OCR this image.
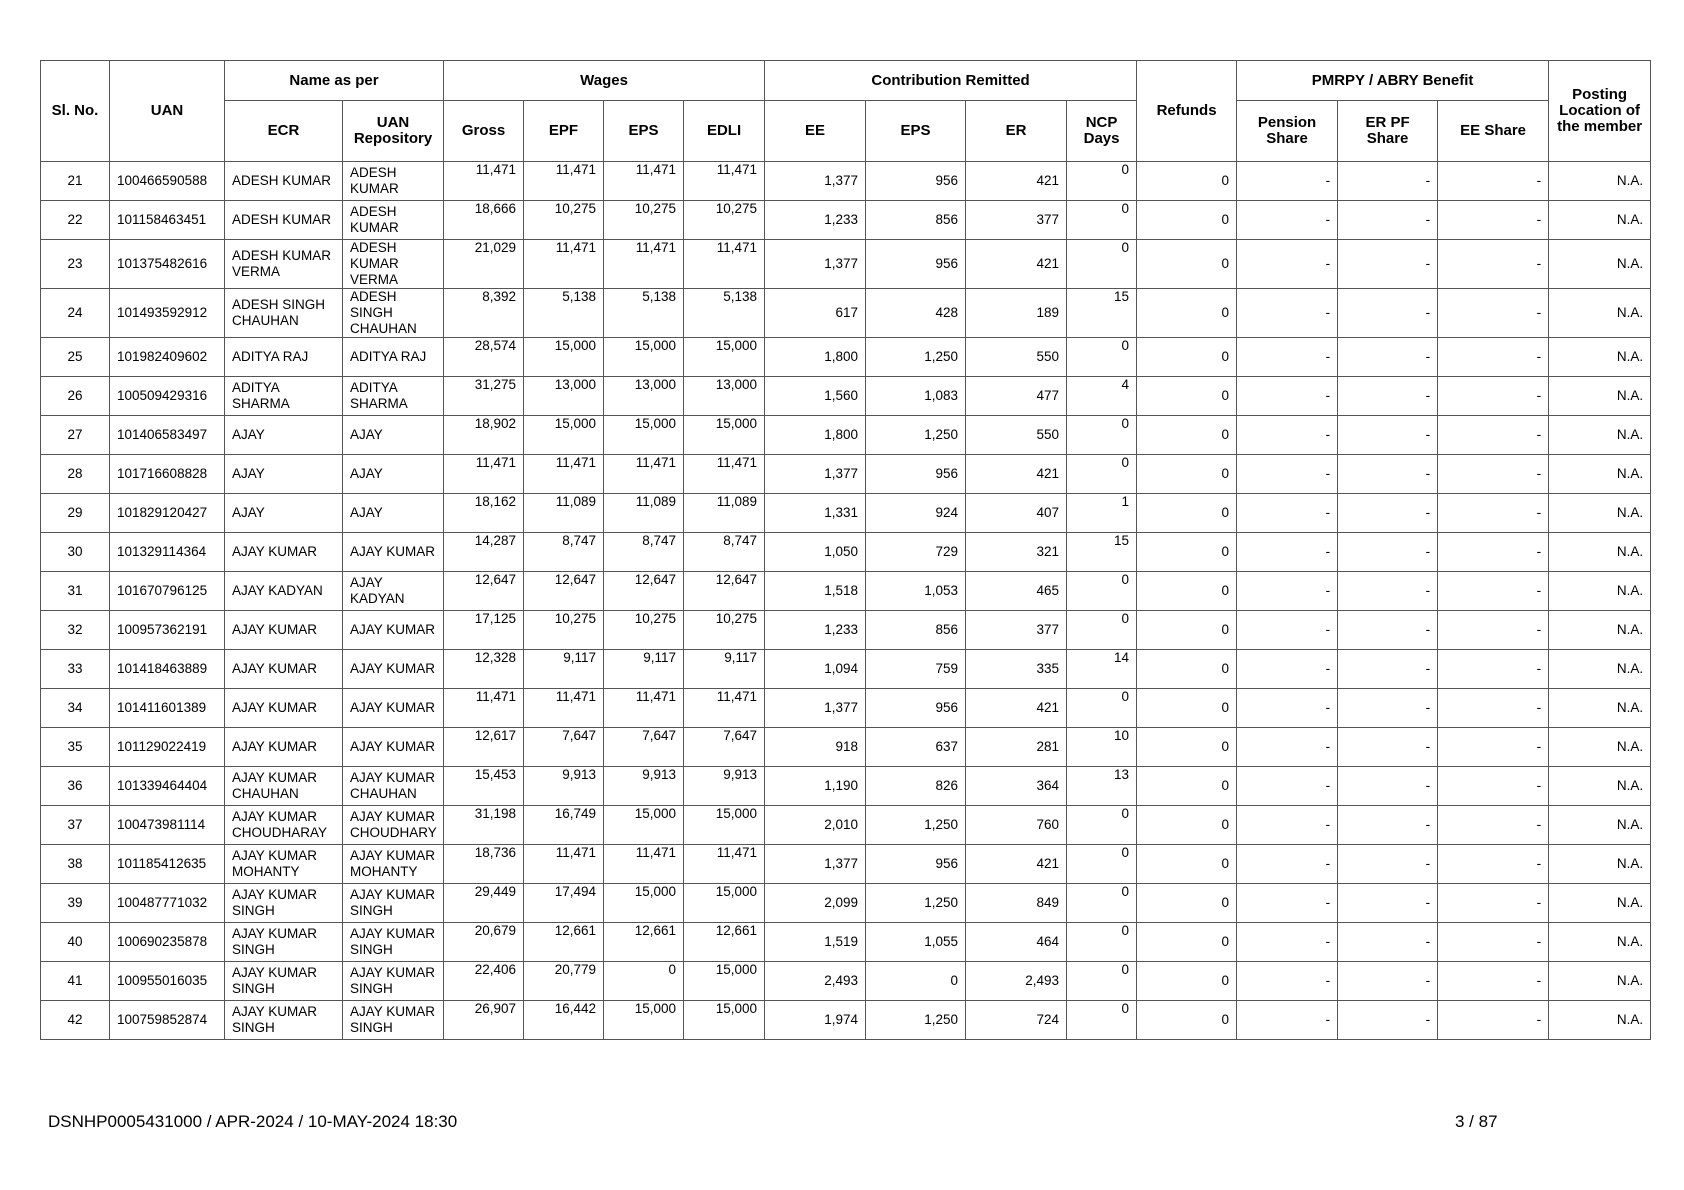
Sl. No.	UAN	Name as per		Wages				Contribution Remitted				Refunds	PMRPY / ABRY Benefit			Posting Location of the member
		ECR	UAN Repository	Gross	EPF	EPS	EDLI	EE	EPS	ER	NCP Days		Pension Share	ER PF Share	EE Share	
21	100466590588	ADESH KUMAR	ADESH KUMAR	11,471	11,471	11,471	11,471	1,377	956	421	0	0	-	-	-	N.A.
22	101158463451	ADESH KUMAR	ADESH KUMAR	18,666	10,275	10,275	10,275	1,233	856	377	0	0	-	-	-	N.A.
23	101375482616	ADESH KUMAR VERMA	ADESH KUMAR VERMA	21,029	11,471	11,471	11,471	1,377	956	421	0	0	-	-	-	N.A.
24	101493592912	ADESH SINGH CHAUHAN	ADESH SINGH CHAUHAN	8,392	5,138	5,138	5,138	617	428	189	15	0	-	-	-	N.A.
25	101982409602	ADITYA RAJ	ADITYA RAJ	28,574	15,000	15,000	15,000	1,800	1,250	550	0	0	-	-	-	N.A.
26	100509429316	ADITYA SHARMA	ADITYA SHARMA	31,275	13,000	13,000	13,000	1,560	1,083	477	4	0	-	-	-	N.A.
27	101406583497	AJAY	AJAY	18,902	15,000	15,000	15,000	1,800	1,250	550	0	0	-	-	-	N.A.
28	101716608828	AJAY	AJAY	11,471	11,471	11,471	11,471	1,377	956	421	0	0	-	-	-	N.A.
29	101829120427	AJAY	AJAY	18,162	11,089	11,089	11,089	1,331	924	407	1	0	-	-	-	N.A.
30	101329114364	AJAY KUMAR	AJAY KUMAR	14,287	8,747	8,747	8,747	1,050	729	321	15	0	-	-	-	N.A.
31	101670796125	AJAY KADYAN	AJAY KADYAN	12,647	12,647	12,647	12,647	1,518	1,053	465	0	0	-	-	-	N.A.
32	100957362191	AJAY KUMAR	AJAY KUMAR	17,125	10,275	10,275	10,275	1,233	856	377	0	0	-	-	-	N.A.
33	101418463889	AJAY KUMAR	AJAY KUMAR	12,328	9,117	9,117	9,117	1,094	759	335	14	0	-	-	-	N.A.
34	101411601389	AJAY KUMAR	AJAY KUMAR	11,471	11,471	11,471	11,471	1,377	956	421	0	0	-	-	-	N.A.
35	101129022419	AJAY KUMAR	AJAY KUMAR	12,617	7,647	7,647	7,647	918	637	281	10	0	-	-	-	N.A.
36	101339464404	AJAY KUMAR CHAUHAN	AJAY KUMAR CHAUHAN	15,453	9,913	9,913	9,913	1,190	826	364	13	0	-	-	-	N.A.
37	100473981114	AJAY KUMAR CHOUDHARAY	AJAY KUMAR CHOUDHARY	31,198	16,749	15,000	15,000	2,010	1,250	760	0	0	-	-	-	N.A.
38	101185412635	AJAY KUMAR MOHANTY	AJAY KUMAR MOHANTY	18,736	11,471	11,471	11,471	1,377	956	421	0	0	-	-	-	N.A.
39	100487771032	AJAY KUMAR SINGH	AJAY KUMAR SINGH	29,449	17,494	15,000	15,000	2,099	1,250	849	0	0	-	-	-	N.A.
40	100690235878	AJAY KUMAR SINGH	AJAY KUMAR SINGH	20,679	12,661	12,661	12,661	1,519	1,055	464	0	0	-	-	-	N.A.
41	100955016035	AJAY KUMAR SINGH	AJAY KUMAR SINGH	22,406	20,779	0	15,000	2,493	0	2,493	0	0	-	-	-	N.A.
42	100759852874	AJAY KUMAR SINGH	AJAY KUMAR SINGH	26,907	16,442	15,000	15,000	1,974	1,250	724	0	0	-	-	-	N.A.
DSNHP0005431000 / APR-2024 / 10-MAY-2024 18:30	3 / 87
